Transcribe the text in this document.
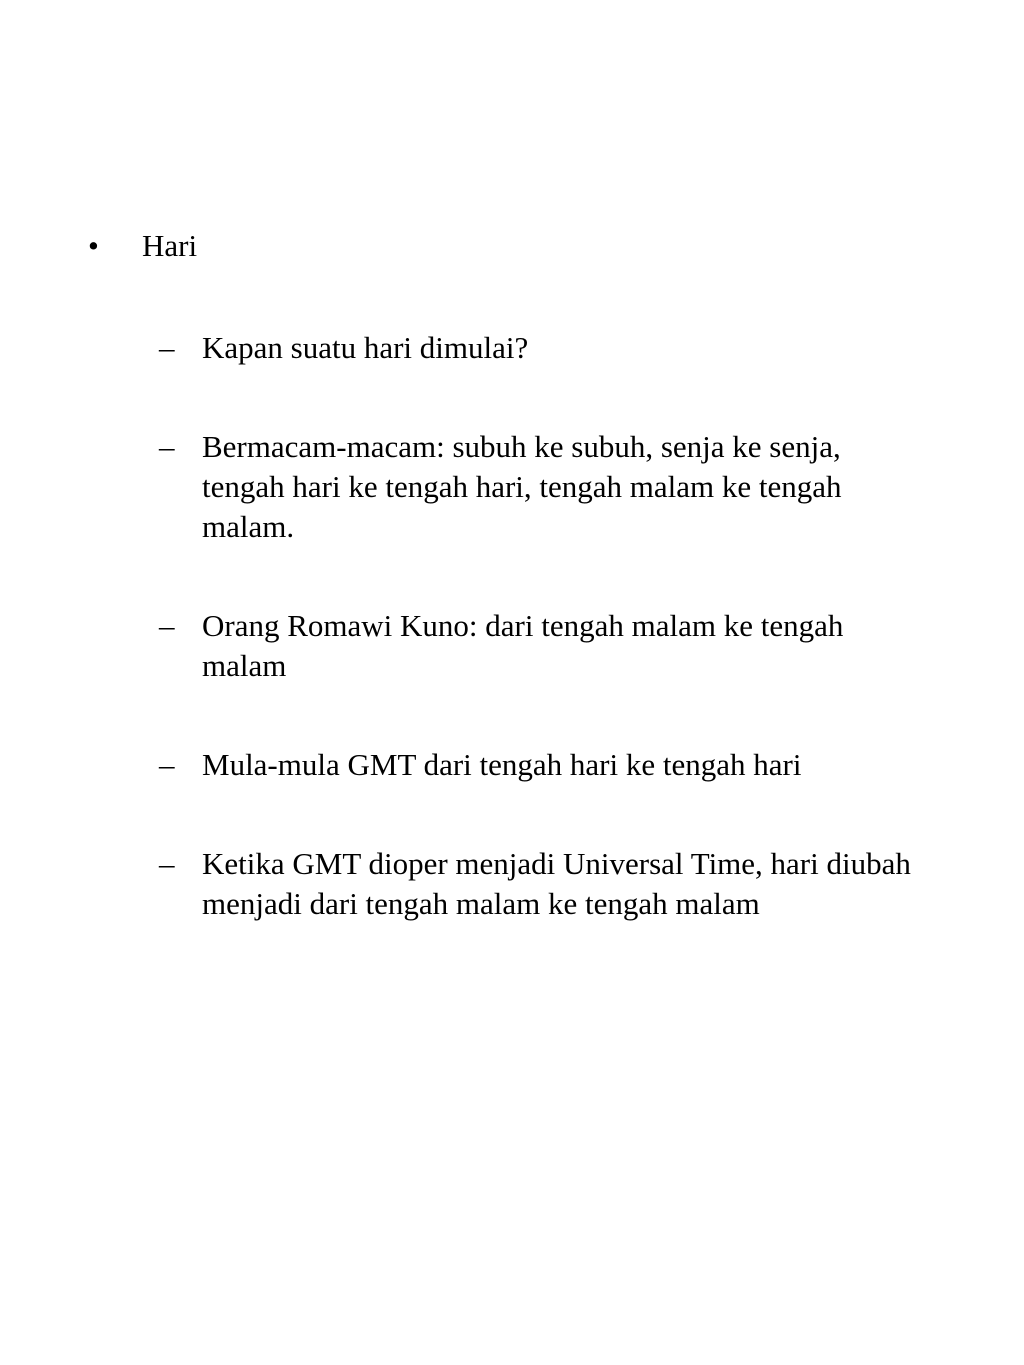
• Hari
– Kapan suatu hari dimulai?
– Bermacam-macam: subuh ke subuh, senja ke senja, tengah hari ke tengah hari, tengah malam ke tengah malam.
– Orang Romawi Kuno: dari tengah malam ke tengah malam
– Mula-mula GMT dari tengah hari ke tengah hari
– Ketika GMT dioper menjadi Universal Time, hari diubah menjadi dari tengah malam ke tengah malam
